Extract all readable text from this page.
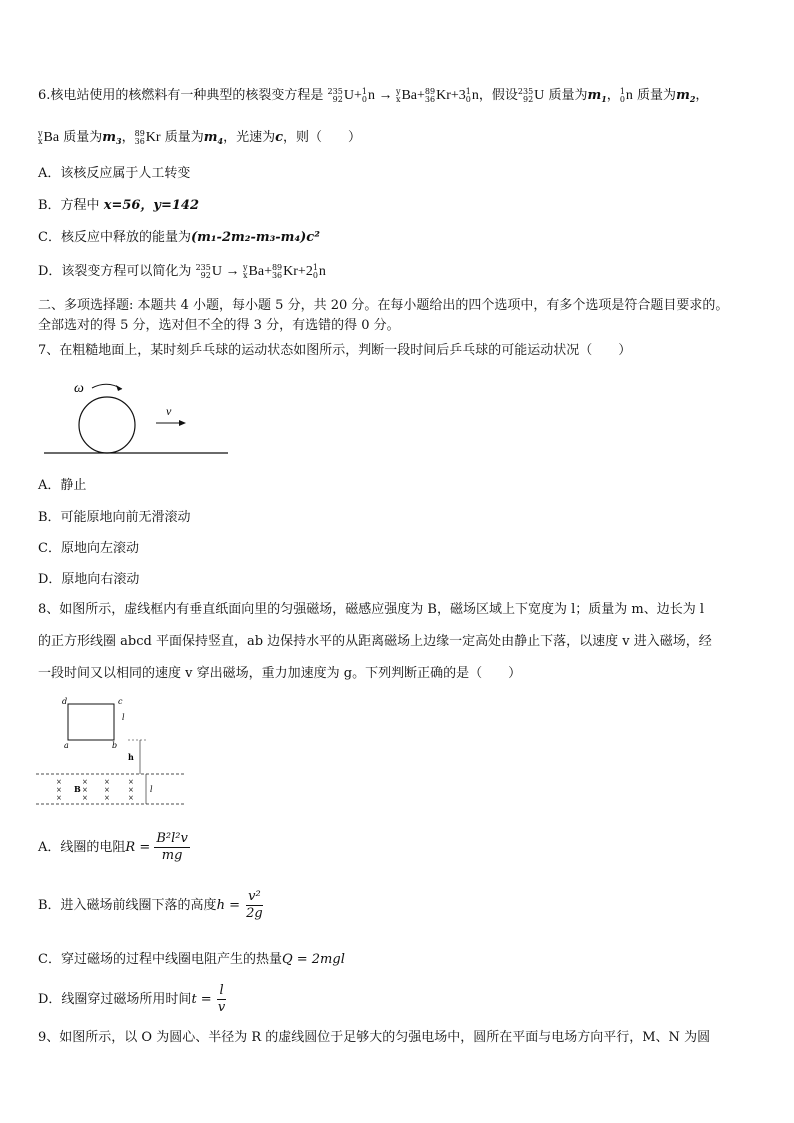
6.核电站使用的核燃料有一种典型的核裂变方程是 235
92 U+ 1
0 n → y
x Ba+ 89
36 Kr+3 1
0 n，假设 235
92 U 质量为$m_1$， 1
0 n 质量为$m_2$，
y
x Ba 质量为$m_3$， 89
36 Kr 质量为$m_4$，光速为c，则（　　）
A．该核反应属于人工转变
B．方程中 x=56，y=142
C．核反应中释放的能量为(m₁-2m₂-m₃-m₄)c²
D．该裂变方程可以简化为 235
92 U → y
x Ba+ 89
36 Kr+2 1
0 n
二、多项选择题: 本题共 4 小题，每小题 5 分，共 20 分。在每小题给出的四个选项中，有多个选项是符合题目要求的。
全部选对的得 5 分，选对但不全的得 3 分，有选错的得 0 分。
7、在粗糙地面上，某时刻乒乓球的运动状态如图所示，判断一段时间后乒乓球的可能运动状况（　　）
ω
v
A．静止
B．可能原地向前无滑滚动
C．原地向左滚动
D．原地向右滚动
8、如图所示，虚线框内有垂直纸面向里的匀强磁场，磁感应强度为 B，磁场区域上下宽度为 l；质量为 m、边长为 l
的正方形线圈 abcd 平面保持竖直，ab 边保持水平的从距离磁场上边缘一定高处由静止下落，以速度 v 进入磁场，经
一段时间又以相同的速度 v 穿出磁场，重力加速度为 g。下列判断正确的是（　　）
d	c
a	b
l
h
l
B
×	× ×	×
×	× ×	×
×	× ×	×
A．线圈的电阻$R = \frac{\text{B²l²v}}{mg}$
B．进入磁场前线圈下落的高度$h = \frac{\text{v²}}{2g}$
C．穿过磁场的过程中线圈电阻产生的热量Q = 2mgl
D．线圈穿过磁场所用时间$t = \frac{l}{v}$
9、如图所示，以 O 为圆心、半径为 R 的虚线圆位于足够大的匀强电场中，圆所在平面与电场方向平行，M、N 为圆
